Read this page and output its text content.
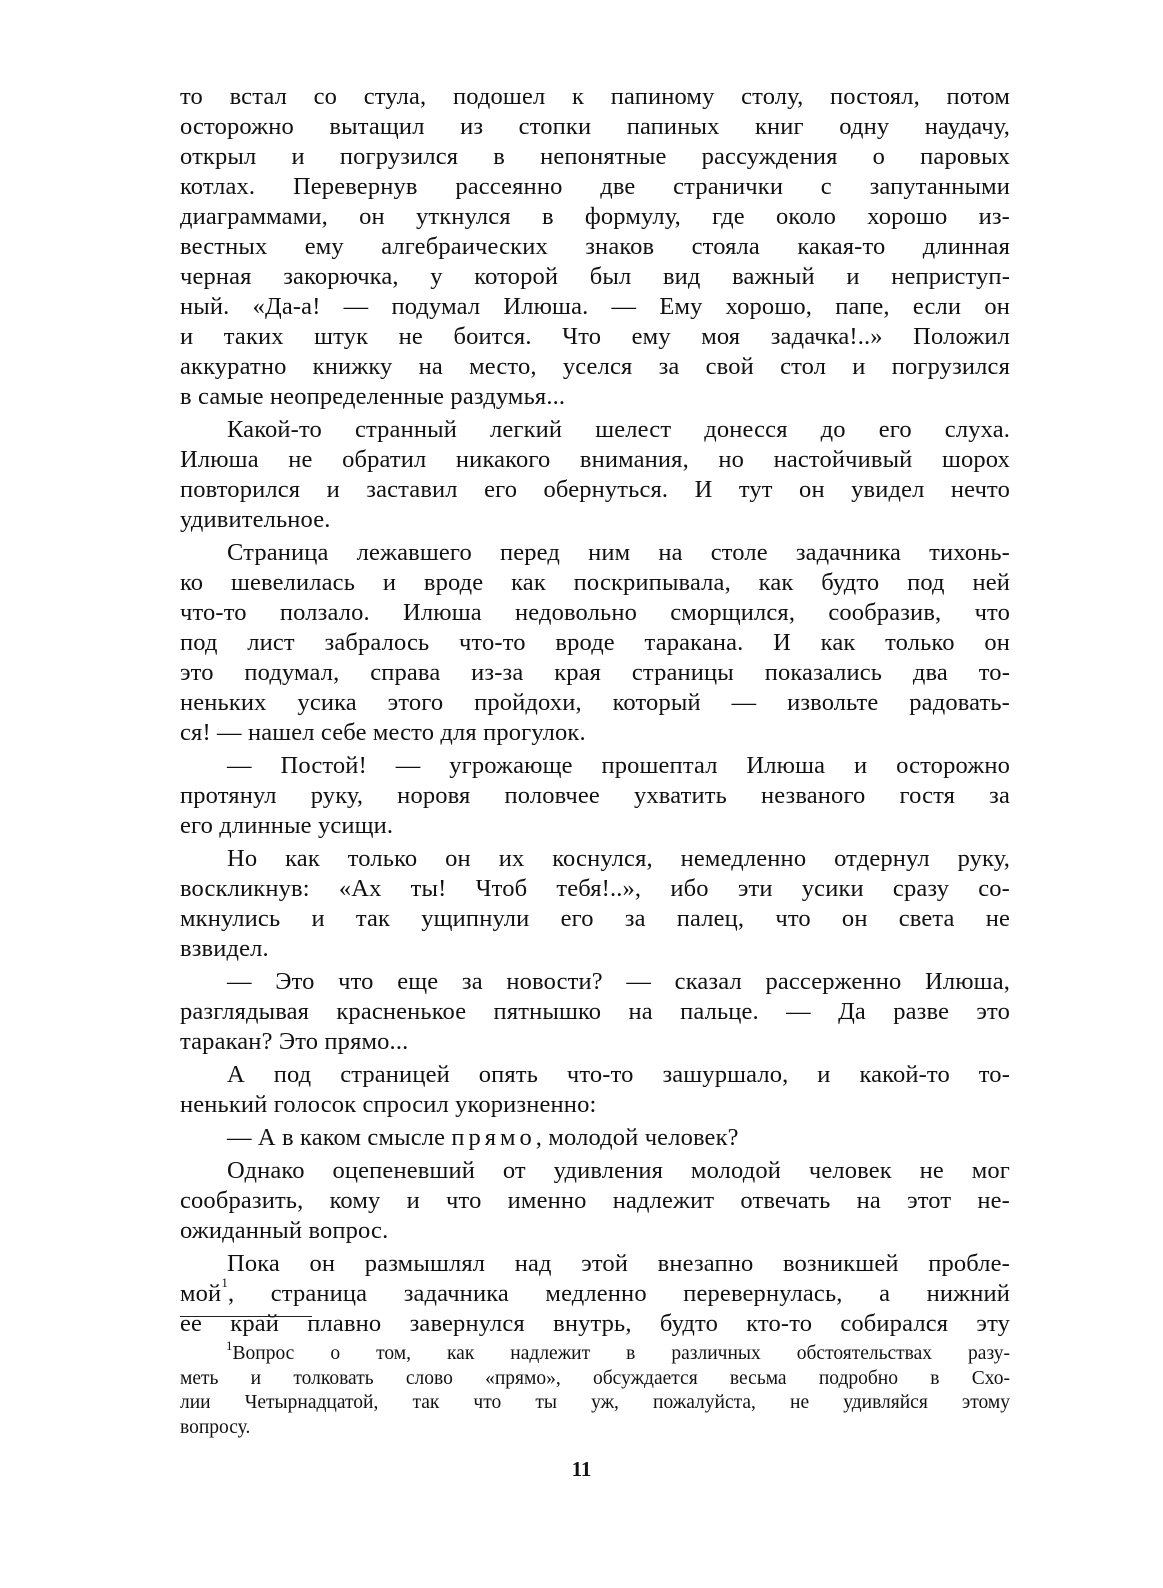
то встал со стула, подошел к папиному столу, постоял, потом
осторожно вытащил из стопки папиных книг одну наудачу,
открыл и погрузился в непонятные рассуждения о паровых
котлах. Перевернув рассеянно две странички с запутанными
диаграммами, он уткнулся в формулу, где около хорошо из-
вестных ему алгебраических знаков стояла какая-то длинная
черная закорючка, у которой был вид важный и неприступ-
ный. «Да-а! — подумал Илюша. — Ему хорошо, папе, если он
и таких штук не боится. Что ему моя задачка!..» Положил
аккуратно книжку на место, уселся за свой стол и погрузился
в самые неопределенные раздумья...
Какой-то странный легкий шелест донесся до его слуха.
Илюша не обратил никакого внимания, но настойчивый шорох
повторился и заставил его обернуться. И тут он увидел нечто
удивительное.
Страница лежавшего перед ним на столе задачника тихонь-
ко шевелилась и вроде как поскрипывала, как будто под ней
что-то ползало. Илюша недовольно сморщился, сообразив, что
под лист забралось что-то вроде таракана. И как только он
это подумал, справа из-за края страницы показались два то-
неньких усика этого пройдохи, который — извольте радовать-
ся! — нашел себе место для прогулок.
— Постой! — угрожающе прошептал Илюша и осторожно
протянул руку, норовя половчее ухватить незваного гостя за
его длинные усищи.
Но как только он их коснулся, немедленно отдернул руку,
воскликнув: «Ах ты! Чтоб тебя!..», ибо эти усики сразу со-
мкнулись и так ущипнули его за палец, что он света не
взвидел.
— Это что еще за новости? — сказал рассерженно Илюша,
разглядывая красненькое пятнышко на пальце. — Да разве это
таракан? Это прямо...
А под страницей опять что-то зашуршало, и какой-то то-
ненький голосок спросил укоризненно:
— А в каком смысле прямо, молодой человек?
Однако оцепеневший от удивления молодой человек не мог
сообразить, кому и что именно надлежит отвечать на этот не-
ожиданный вопрос.
Пока он размышлял над этой внезапно возникшей пробле-
мой$^1$, страница задачника медленно перевернулась, а нижний
ее край плавно завернулся внутрь, будто кто-то собирался эту
$^1$Вопрос о том, как надлежит в различных обстоятельствах разу-
меть и толковать слово «прямо», обсуждается весьма подробно в Схо-
лии Четырнадцатой, так что ты уж, пожалуйста, не удивляйся этому
вопросу.
11
